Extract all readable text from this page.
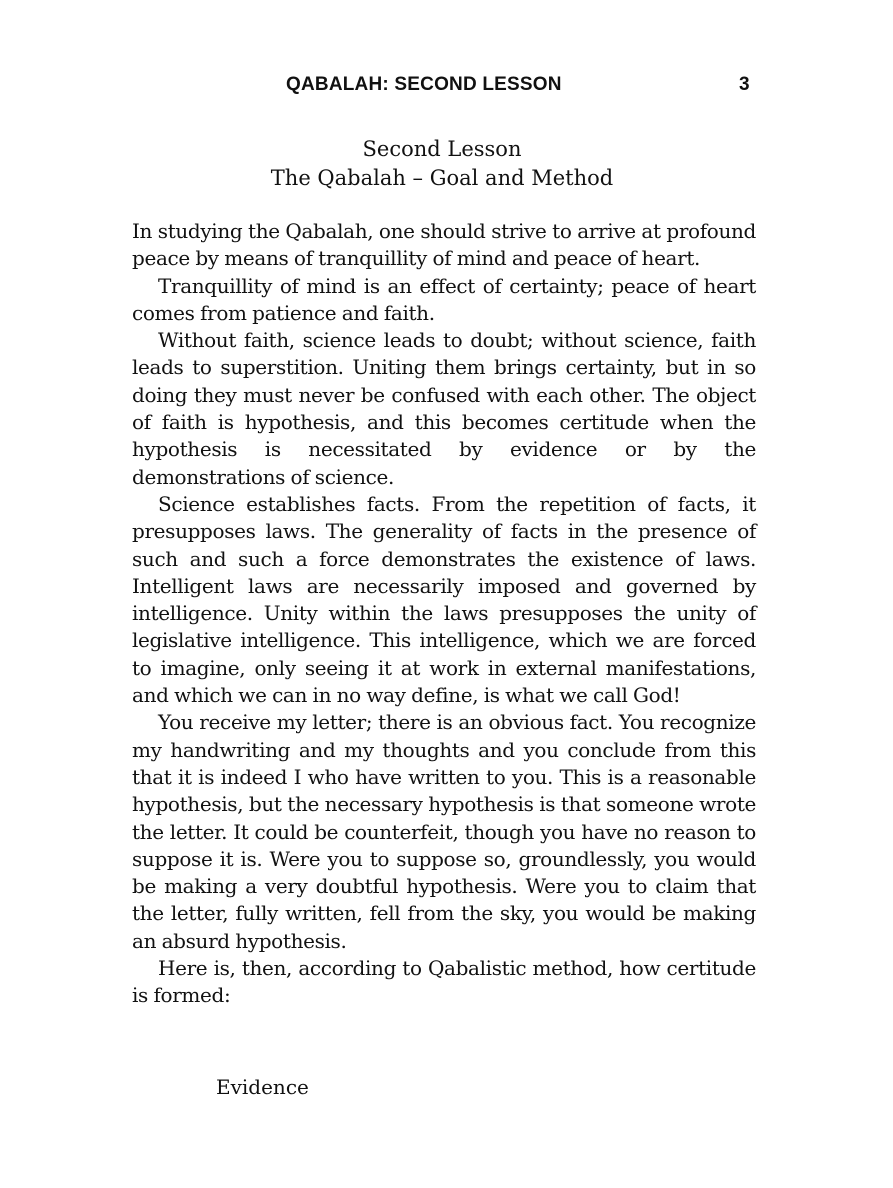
QABALAH: SECOND LESSON	3
Second Lesson
The Qabalah – Goal and Method

In studying the Qabalah, one should strive to arrive at profound peace by means of tranquillity of mind and peace of heart.

Tranquillity of mind is an effect of certainty; peace of heart comes from patience and faith.

Without faith, science leads to doubt; without science, faith leads to superstition. Uniting them brings certainty, but in so doing they must never be confused with each other. The object of faith is hypothesis, and this becomes certitude when the hypothesis is necessitated by evidence or by the demonstrations of science.

Science establishes facts. From the repetition of facts, it presupposes laws. The generality of facts in the presence of such and such a force demonstrates the existence of laws. Intelligent laws are necessarily imposed and governed by intelligence. Unity within the laws presupposes the unity of legislative intelligence. This intelligence, which we are forced to imagine, only seeing it at work in external manifestations, and which we can in no way define, is what we call God!

You receive my letter; there is an obvious fact. You recognize my handwriting and my thoughts and you conclude from this that it is indeed I who have written to you. This is a reasonable hypothesis, but the necessary hypothesis is that someone wrote the letter. It could be counterfeit, though you have no reason to suppose it is. Were you to suppose so, groundlessly, you would be making a very doubtful hypothesis. Were you to claim that the letter, fully written, fell from the sky, you would be making an absurd hypothesis.

Here is, then, according to Qabalistic method, how certitude is formed:

Evidence
